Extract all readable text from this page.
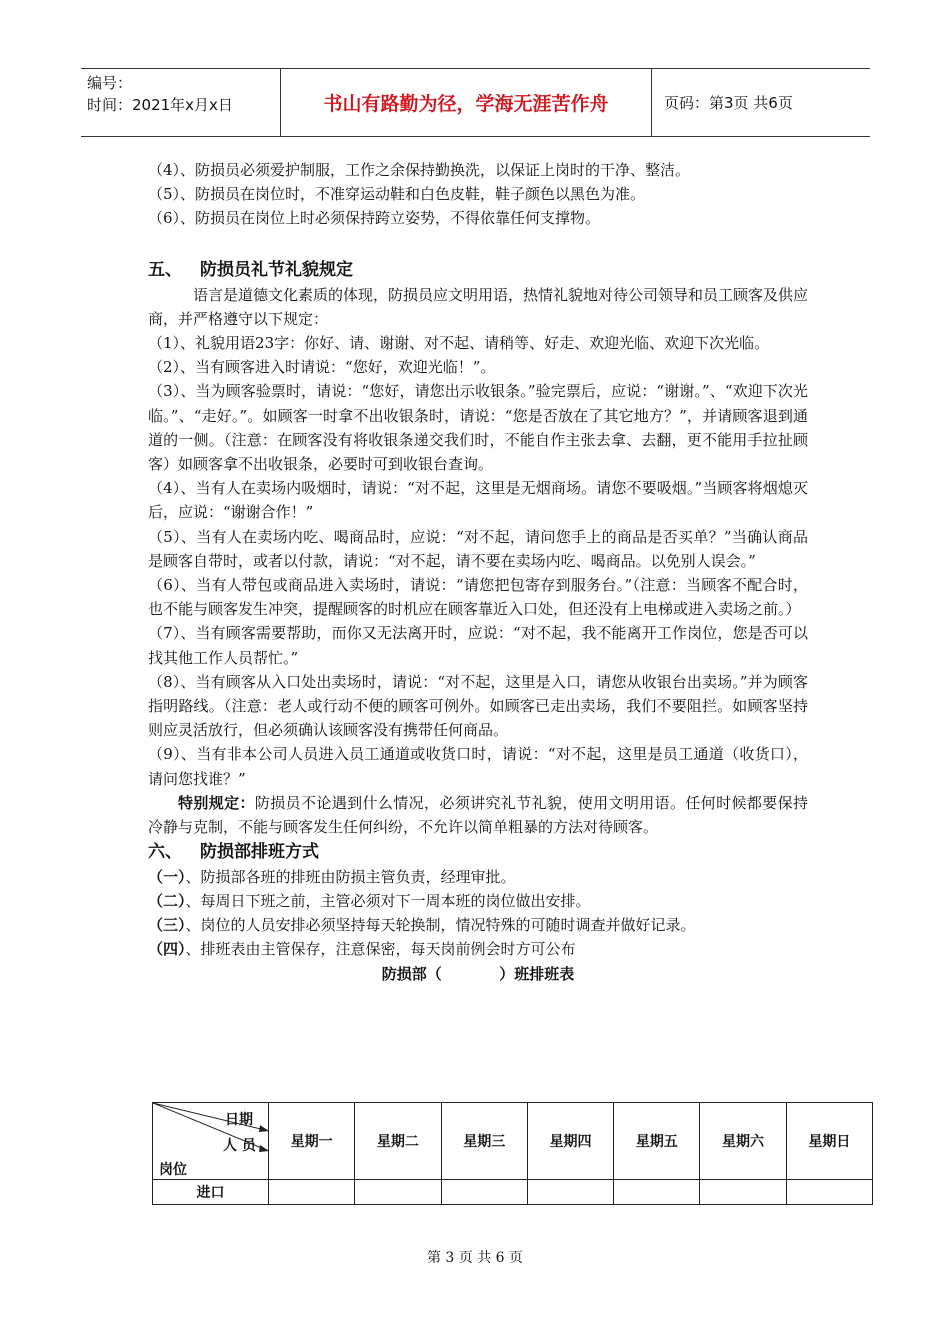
编号：
时间：2021年x月x日	书山有路勤为径，学海无涯苦作舟	页码：第3页 共6页

（4）、防损员必须爱护制服，工作之余保持勤换洗，以保证上岗时的干净、整洁。

（5）、防损员在岗位时，不准穿运动鞋和白色皮鞋，鞋子颜色以黑色为准。

（6）、防损员在岗位上时必须保持跨立姿势，不得依靠任何支撑物。

五、 防损员礼节礼貌规定

语言是道德文化素质的体现，防损员应文明用语，热情礼貌地对待公司领导和员工顾客及供应商，并严格遵守以下规定：

（1）、礼貌用语23字：你好、请、谢谢、对不起、请稍等、好走、欢迎光临、欢迎下次光临。

（2）、当有顾客进入时请说：“您好，欢迎光临！”。

（3）、当为顾客验票时，请说：“您好，请您出示收银条。”验完票后，应说：“谢谢。”、“欢迎下次光临。”、“走好。”。如顾客一时拿不出收银条时，请说：“您是否放在了其它地方？”，并请顾客退到通道的一侧。（注意：在顾客没有将收银条递交我们时，不能自作主张去拿、去翻，更不能用手拉扯顾客）如顾客拿不出收银条，必要时可到收银台查询。

（4）、当有人在卖场内吸烟时，请说：“对不起，这里是无烟商场。请您不要吸烟。”当顾客将烟熄灭后，应说：“谢谢合作！”

（5）、当有人在卖场内吃、喝商品时，应说：“对不起，请问您手上的商品是否买单？”当确认商品是顾客自带时，或者以付款，请说：“对不起，请不要在卖场内吃、喝商品。以免别人误会。”

（6）、当有人带包或商品进入卖场时，请说：“请您把包寄存到服务台。”（注意：当顾客不配合时，也不能与顾客发生冲突，提醒顾客的时机应在顾客靠近入口处，但还没有上电梯或进入卖场之前。）

（7）、当有顾客需要帮助，而你又无法离开时，应说：“对不起，我不能离开工作岗位，您是否可以找其他工作人员帮忙。”

（8）、当有顾客从入口处出卖场时，请说：“对不起，这里是入口，请您从收银台出卖场。”并为顾客指明路线。（注意：老人或行动不便的顾客可例外。如顾客已走出卖场，我们不要阻拦。如顾客坚持则应灵活放行，但必须确认该顾客没有携带任何商品。

（9）、当有非本公司人员进入员工通道或收货口时，请说：“对不起，这里是员工通道（收货口），请问您找谁？”

特别规定：防损员不论遇到什么情况，必须讲究礼节礼貌，使用文明用语。任何时候都要保持冷静与克制，不能与顾客发生任何纠纷，不允许以简单粗暴的方法对待顾客。

六、 防损部排班方式

（一）、防损部各班的排班由防损主管负责，经理审批。

（二）、每周日下班之前，主管必须对下一周本班的岗位做出安排。

（三）、岗位的人员安排必须坚持每天轮换制，情况特殊的可随时调查并做好记录。

（四）、排班表由主管保存，注意保密，每天岗前例会时方可公布

防损部（           ）班排班表

日期
人 员
岗位	星期一	星期二	星期三	星期四	星期五	星期六	星期日
进口							
第 3 页 共 6 页
